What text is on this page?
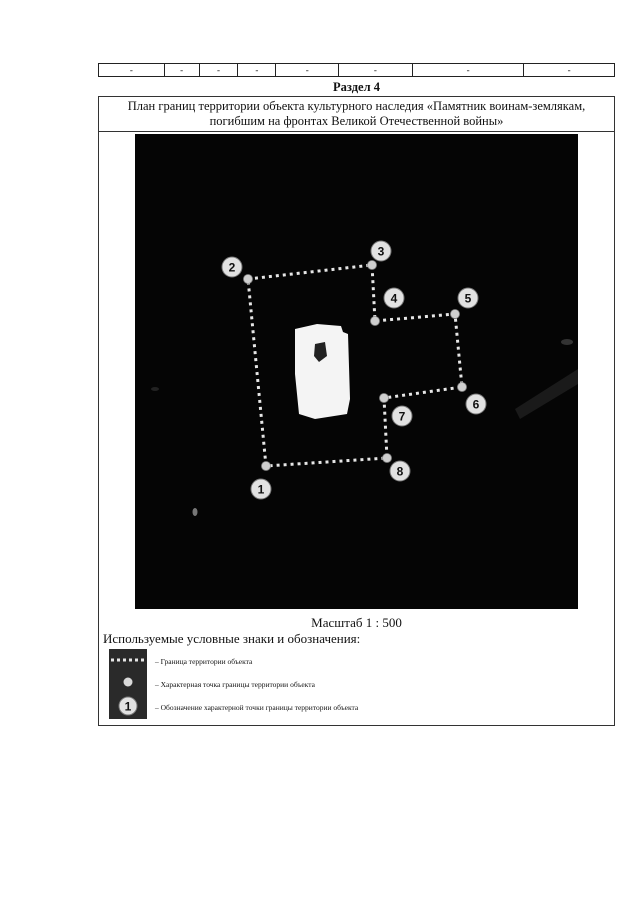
-	-	-	-	-	-	-	-
Раздел 4
План границ территории объекта культурного наследия «Памятник воинам-землякам,
погибшим на фронтах Великой Отечественной войны»
1
2
3
4	5
6
7
8
Масштаб 1 : 500
Используемые условные знаки и обозначения:
1
– Граница территории объекта
– Характерная точка границы территории объекта
– Обозначение характерной точки границы территории объекта
